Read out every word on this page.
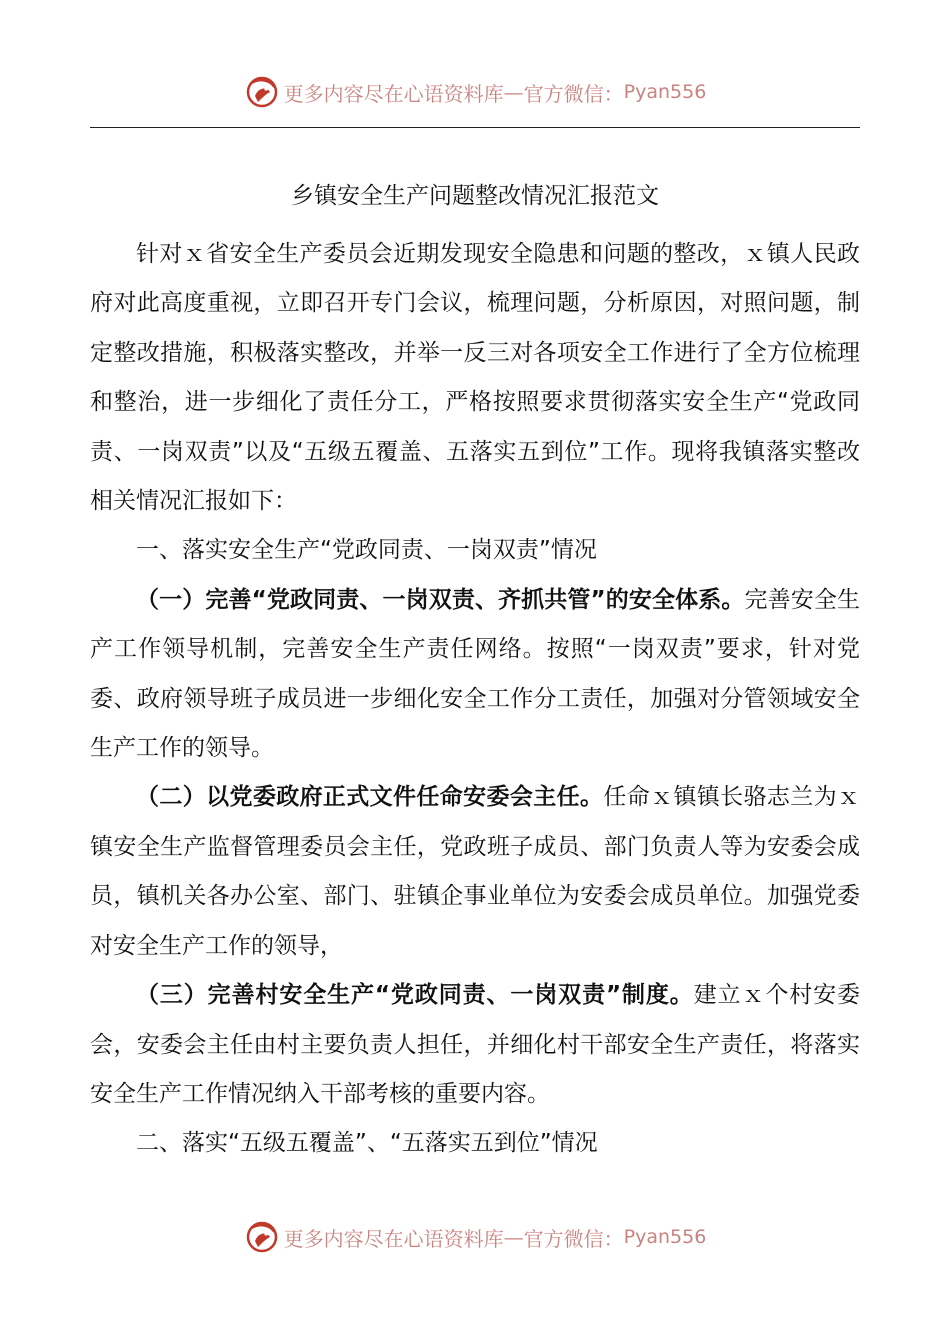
更多内容尽在心语资料库 — 官方微信： Pyan556
乡镇安全生产问题整改情况汇报范文

针对ｘ省安全生产委员会近期发现安全隐患和问题的整改，ｘ镇人民政府对此高度重视，立即召开专门会议，梳理问题，分析原因，对照问题，制定整改措施，积极落实整改，并举一反三对各项安全工作进行了全方位梳理和整治，进一步细化了责任分工，严格按照要求贯彻落实安全生产“党政同责、一岗双责”以及“五级五覆盖、五落实五到位”工作。现将我镇落实整改相关情况汇报如下：

一、落实安全生产“党政同责、一岗双责”情况

（一）完善“党政同责、一岗双责、齐抓共管”的安全体系。完善安全生产工作领导机制，完善安全生产责任网络。按照“一岗双责”要求，针对党委、政府领导班子成员进一步细化安全工作分工责任，加强对分管领域安全生产工作的领导。

（二）以党委政府正式文件任命安委会主任。任命ｘ镇镇长骆志兰为ｘ镇安全生产监督管理委员会主任，党政班子成员、部门负责人等为安委会成员，镇机关各办公室、部门、驻镇企事业单位为安委会成员单位。加强党委对安全生产工作的领导，

（三）完善村安全生产“党政同责、一岗双责”制度。建立ｘ个村安委会，安委会主任由村主要负责人担任，并细化村干部安全生产责任，将落实安全生产工作情况纳入干部考核的重要内容。

二、落实“五级五覆盖”、“五落实五到位”情况

更多内容尽在心语资料库 — 官方微信： Pyan556
